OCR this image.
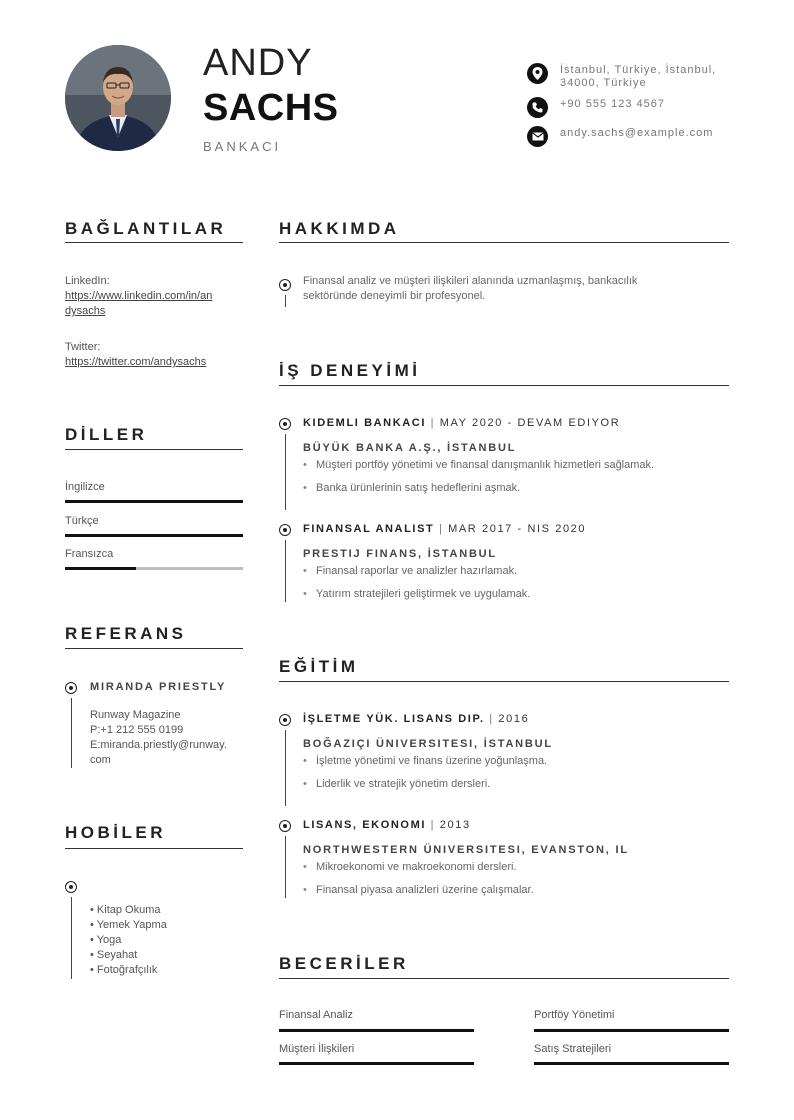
ANDY
SACHS
BANKACI
İstanbul, Türkiye, İstanbul,
34000, Türkiye
+90 555 123 4567
andy.sachs@example.com
BAĞLANTILAR
LinkedIn:
https://www.linkedin.com/in/an
dysachs
Twitter:
https://twitter.com/andysachs
DİLLER
İngilizce
Türkçe
Fransızca
REFERANS
MIRANDA PRIESTLY
Runway Magazine
P:+1 212 555 0199
E:miranda.priestly@runway.
com
HOBİLER
• Kitap Okuma
• Yemek Yapma
• Yoga
• Seyahat
• Fotoğrafçılık
HAKKIMDA
Finansal analiz ve müşteri ilişkileri alanında uzmanlaşmış, bankacılık
sektöründe deneyimli bir profesyonel.
İŞ DENEYİMİ
KIDEMLI BANKACI | MAY 2020 - DEVAM EDIYOR
BÜYÜK BANKA A.Ş., İSTANBUL
• Müşteri portföy yönetimi ve finansal danışmanlık hizmetleri sağlamak.
• Banka ürünlerinin satış hedeflerini aşmak.
FINANSAL ANALIST | MAR 2017 - NIS 2020
PRESTIJ FINANS, İSTANBUL
• Finansal raporlar ve analizler hazırlamak.
• Yatırım stratejileri geliştirmek ve uygulamak.
EĞİTİM
İŞLETME YÜK. LISANS DIP. | 2016
BOĞAZIÇI ÜNIVERSITESI, İSTANBUL
• İşletme yönetimi ve finans üzerine yoğunlaşma.
• Liderlik ve stratejik yönetim dersleri.
LISANS, EKONOMI | 2013
NORTHWESTERN ÜNIVERSITESI, EVANSTON, IL
• Mikroekonomi ve makroekonomi dersleri.
• Finansal piyasa analizleri üzerine çalışmalar.
BECERİLER
Finansal Analiz	Portföy Yönetimi
Müşteri İlişkileri	Satış Stratejileri
